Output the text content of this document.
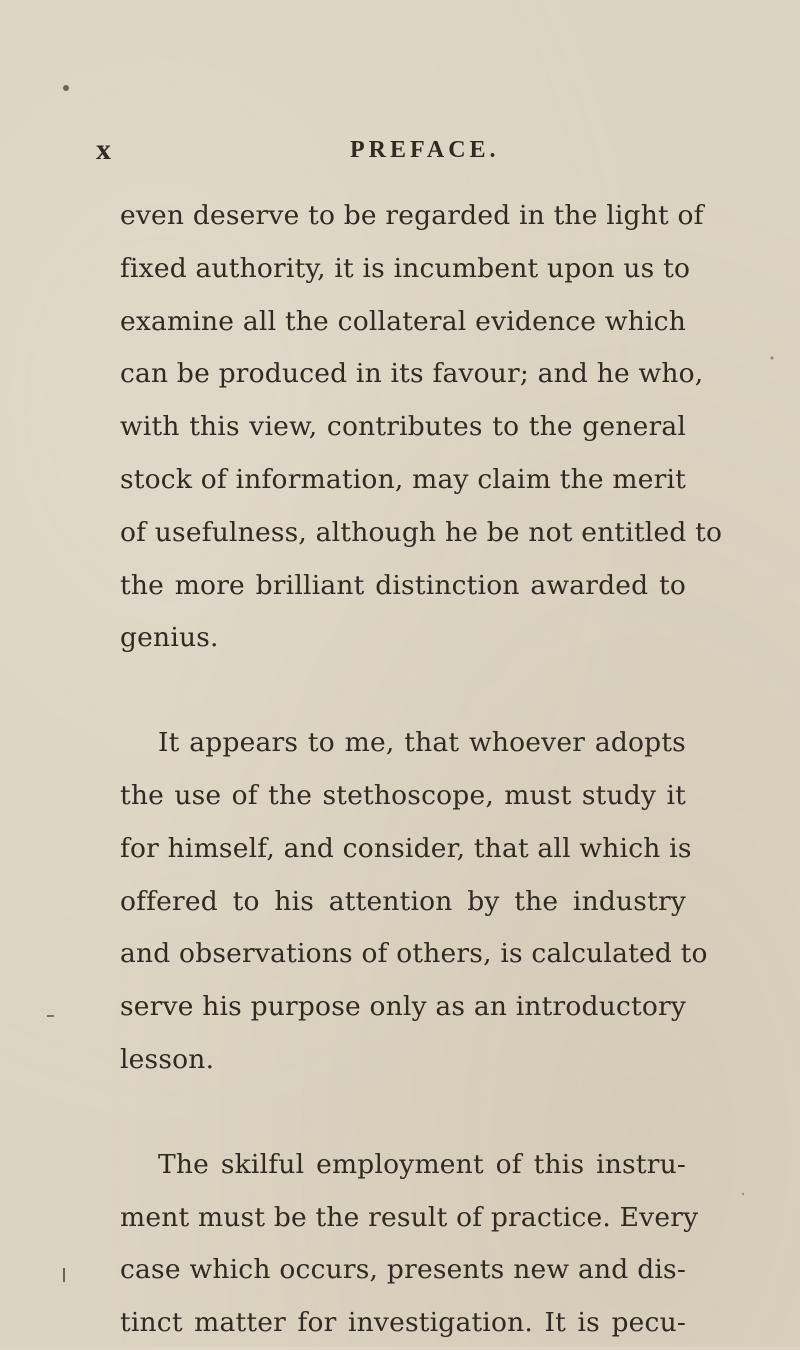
x	PREFACE.
even deserve to be regarded in the light of
fixed authority, it is incumbent upon us to
examine all the collateral evidence which
can be produced in its favour; and he who,
with this view, contributes to the general
stock of information, may claim the merit
of usefulness, although he be not entitled to
the more brilliant distinction awarded to
genius.
It appears to me, that whoever adopts
the use of the stethoscope, must study it
for himself, and consider, that all which is
offered to his attention by the industry
and observations of others, is calculated to
serve his purpose only as an introductory
lesson.
The skilful employment of this instru-
ment must be the result of practice. Every
case which occurs, presents new and dis-
tinct matter for investigation. It is pecu-
